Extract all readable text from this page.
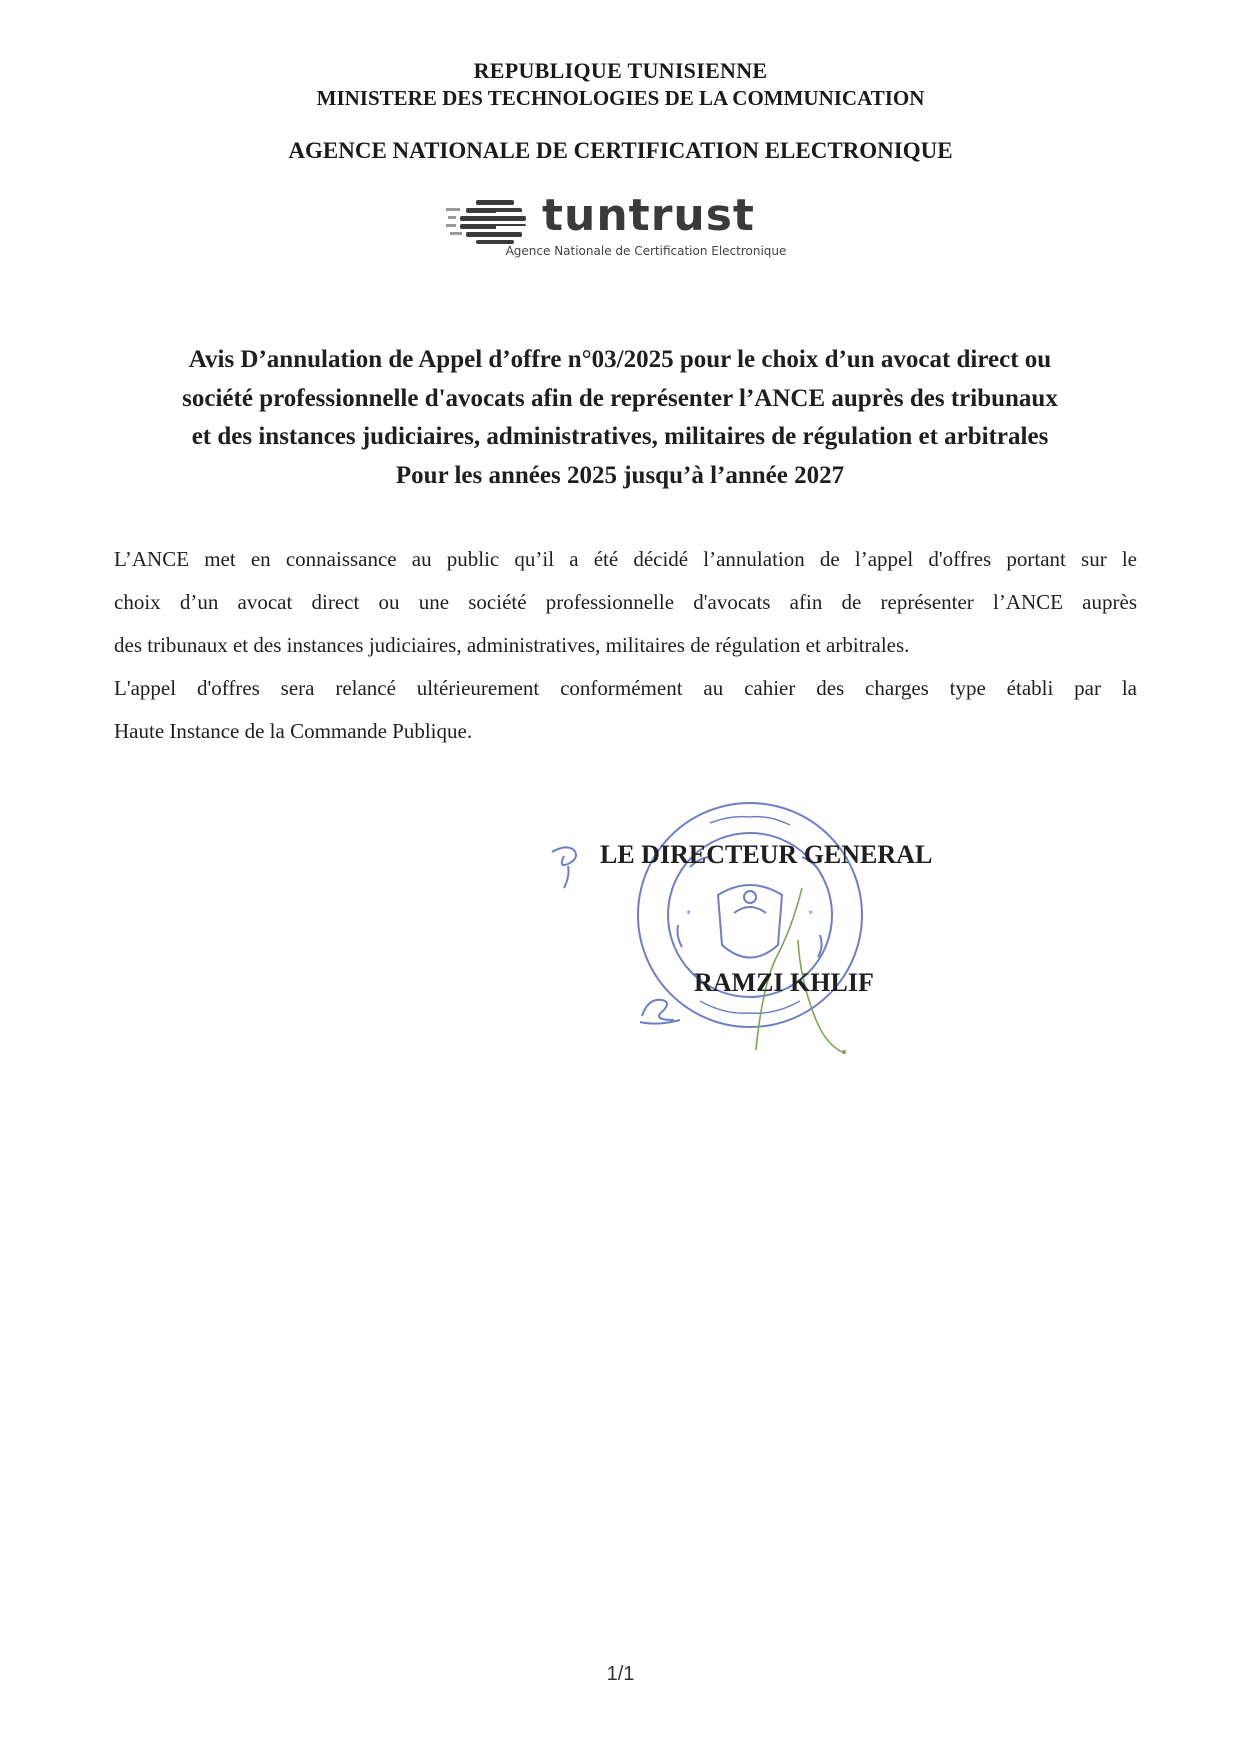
REPUBLIQUE TUNISIENNE
MINISTERE DES TECHNOLOGIES DE LA COMMUNICATION
AGENCE NATIONALE DE CERTIFICATION ELECTRONIQUE
tuntrust
Agence Nationale de Certification Electronique
Avis D’annulation de Appel d’offre n°03/2025 pour le choix d’un avocat direct ou
société professionnelle d'avocats afin de représenter l’ANCE auprès des tribunaux
et des instances judiciaires, administratives, militaires de régulation et arbitrales
Pour les années 2025 jusqu’à l’année 2027
L’ANCE met en connaissance au public qu’il a été décidé l’annulation de l’appel d'offres portant sur le
choix d’un avocat direct ou une société professionnelle d'avocats afin de représenter l’ANCE auprès
des tribunaux et des instances judiciaires, administratives, militaires de régulation et arbitrales.
L'appel d'offres sera relancé ultérieurement conformément au cahier des charges type établi par la
Haute Instance de la Commande Publique.
*	*
LE DIRECTEUR GENERAL
RAMZI KHLIF
1/1
